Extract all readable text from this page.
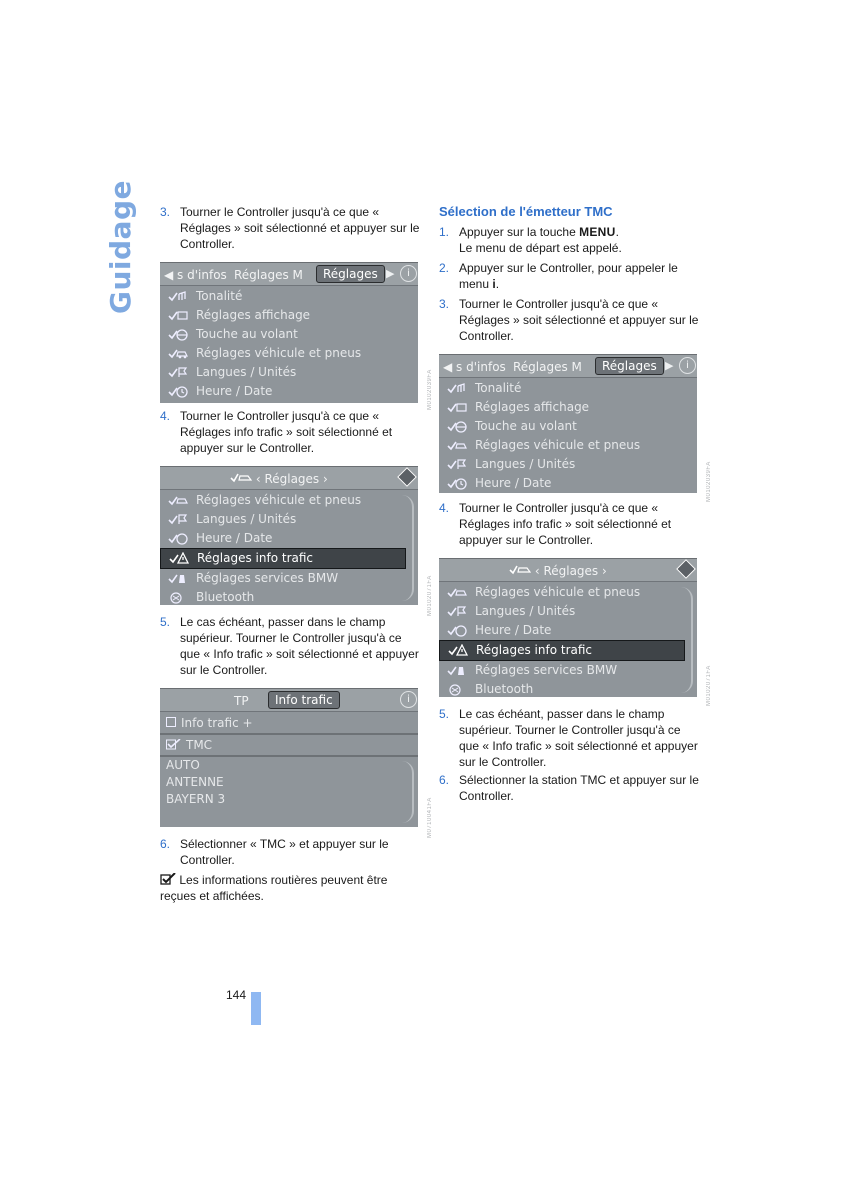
Guidage 3. Tourner le Controller jusqu'à ce que « Réglages » soit sélectionné et appuyer sur le Controller.
◀ s d'infos Réglages M	Réglages ▶	i
Tonalité
Réglages affichage
Touche au volant
Réglages véhicule et pneus
Langues / Unités
Heure / Date	M0102039FA
4. Tourner le Controller jusqu'à ce que « Réglages info trafic » soit sélectionné et appuyer sur le Controller.
‹ Réglages ›
Réglages véhicule et pneus
Langues / Unités
Heure / Date
Réglages info trafic
Réglages services BMW
Bluetooth	M0102071FA
5. Le cas échéant, passer dans le champ supérieur. Tourner le Controller jusqu'à ce que « Info trafic » soit sélectionné et appuyer sur le Controller.
TP	Info trafic	i
Info trafic +
TMC
AUTO
ANTENNE
BAYERN 3	M0710041FA
6. Sélectionner « TMC » et appuyer sur le Controller.
Les informations routières peuvent être reçues et affichées.
Sélection de l'émetteur TMC
1. Appuyer sur la touche MENU.
Le menu de départ est appelé.
2. Appuyer sur le Controller, pour appeler le menu i.
3. Tourner le Controller jusqu'à ce que « Réglages » soit sélectionné et appuyer sur le Controller.
◀ s d'infos Réglages M	Réglages ▶	i
Tonalité
Réglages affichage
Touche au volant
Réglages véhicule et pneus
Langues / Unités
Heure / Date	M0102039FA
4. Tourner le Controller jusqu'à ce que « Réglages info trafic » soit sélectionné et appuyer sur le Controller.
‹ Réglages ›
Réglages véhicule et pneus
Langues / Unités
Heure / Date
Réglages info trafic
Réglages services BMW
Bluetooth	M0102071FA
5. Le cas échéant, passer dans le champ supérieur. Tourner le Controller jusqu'à ce que « Info trafic » soit sélectionné et appuyer sur le Controller.
6. Sélectionner la station TMC et appuyer sur le Controller.
144
